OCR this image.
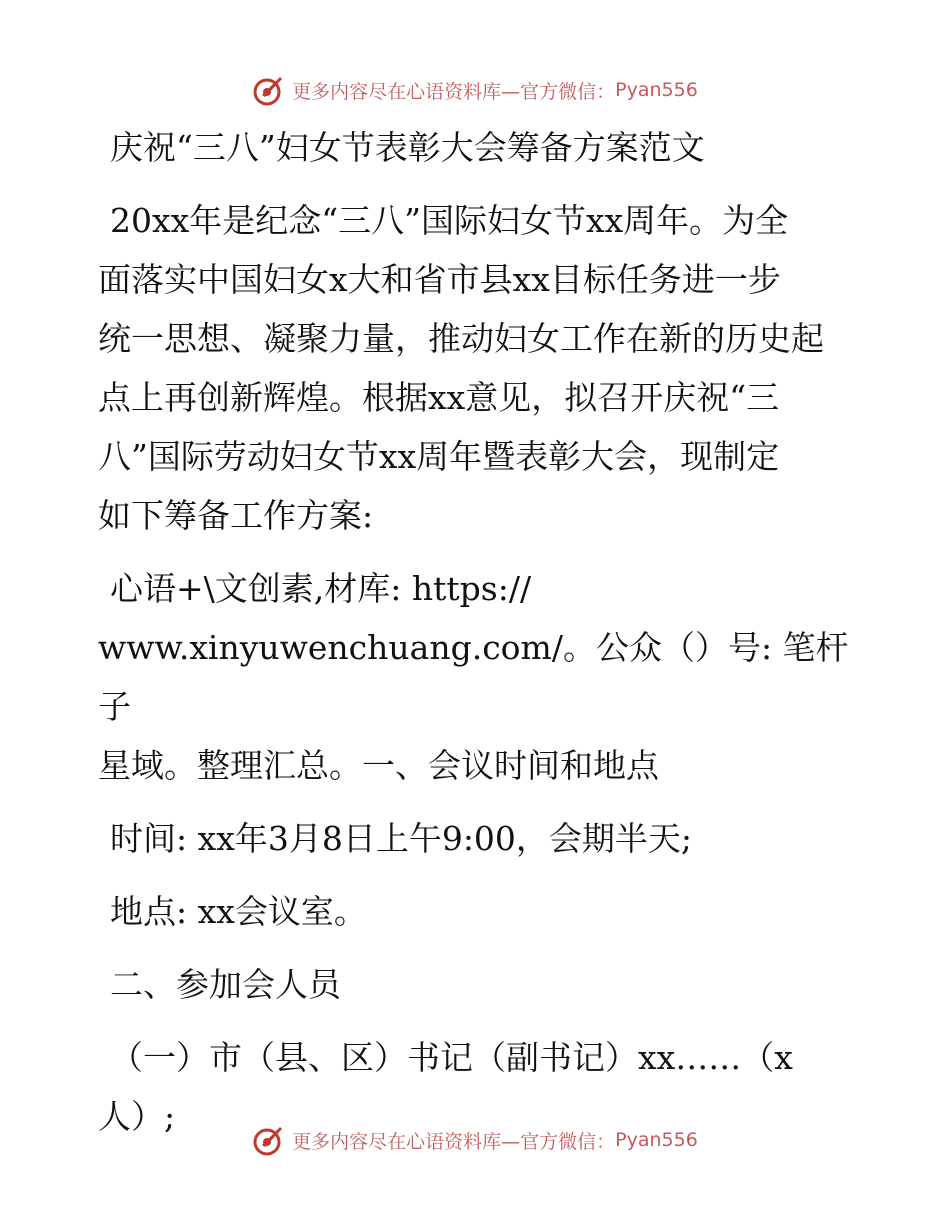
更多内容尽在心语资料库—官方微信： Pyan556

庆祝“三八”妇女节表彰大会筹备方案范文

20xx年是纪念“三八”国际妇女节xx周年。为全

面落实中国妇女x大和省市县xx目标任务进一步

统一思想、凝聚力量，推动妇女工作在新的历史起

点上再创新辉煌。根据xx意见，拟召开庆祝“三

八”国际劳动妇女节xx周年暨表彰大会，现制定

如下筹备工作方案:

心语+\文创素,材库: https://

www.xinyuwenchuang.com/。公众（）号: 笔杆子

星域。整理汇总。一、会议时间和地点

时间: xx年3月8日上午9:00，会期半天;

地点: xx会议室。

二、参加会人员

（一）市（县、区）书记（副书记）xx……（x

人）;

更多内容尽在心语资料库—官方微信： Pyan556
